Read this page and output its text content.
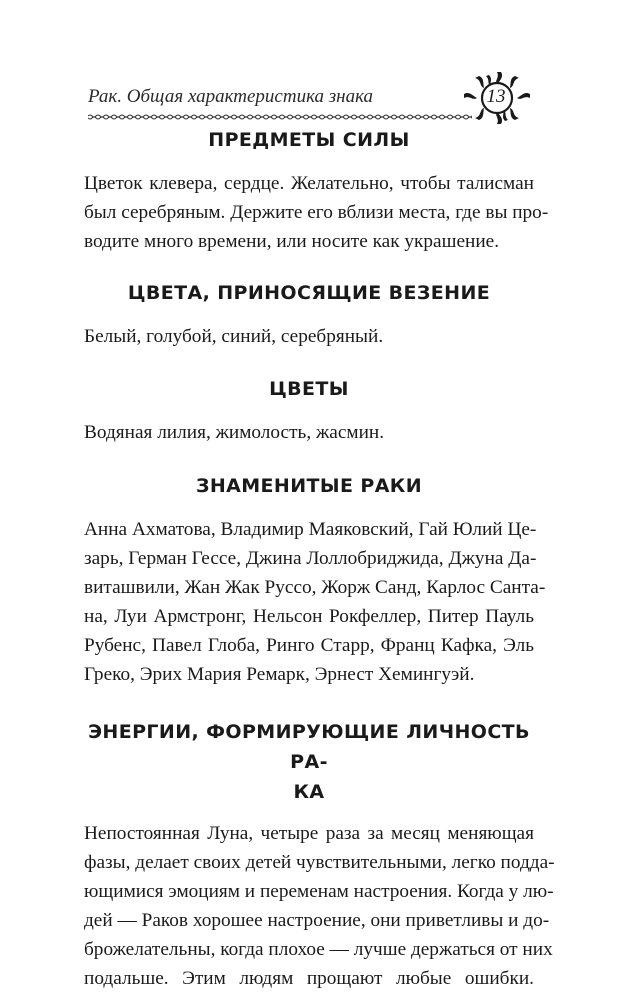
Рак. Общая характеристика знака	13
ПРЕДМЕТЫ СИЛЫ

Цветок клевера, сердце. Желательно, чтобы талисман
был серебряным. Держите его вблизи места, где вы про-
водите много времени, или носите как украшение.

ЦВЕТА, ПРИНОСЯЩИЕ ВЕЗЕНИЕ

Белый, голубой, синий, серебряный.

ЦВЕТЫ

Водяная лилия, жимолость, жасмин.

ЗНАМЕНИТЫЕ РАКИ

Анна Ахматова, Владимир Маяковский, Гай Юлий Це-
зарь, Герман Гессе, Джина Лоллобриджида, Джуна Да-
виташвили, Жан Жак Руссо, Жорж Санд, Карлос Санта-
на, Луи Армстронг, Нельсон Рокфеллер, Питер Пауль
Рубенс, Павел Глоба, Ринго Старр, Франц Кафка, Эль
Греко, Эрих Мария Ремарк, Эрнест Хемингуэй.

ЭНЕРГИИ, ФОРМИРУЮЩИЕ ЛИЧНОСТЬ РА-
КА

Непостоянная Луна, четыре раза за месяц меняющая
фазы, делает своих детей чувствительными, легко подда-
ющимися эмоциям и переменам настроения. Когда у лю-
дей — Раков хорошее настроение, они приветливы и до-
брожелательны, когда плохое — лучше держаться от них
подальше. Этим людям прощают любые ошибки.
